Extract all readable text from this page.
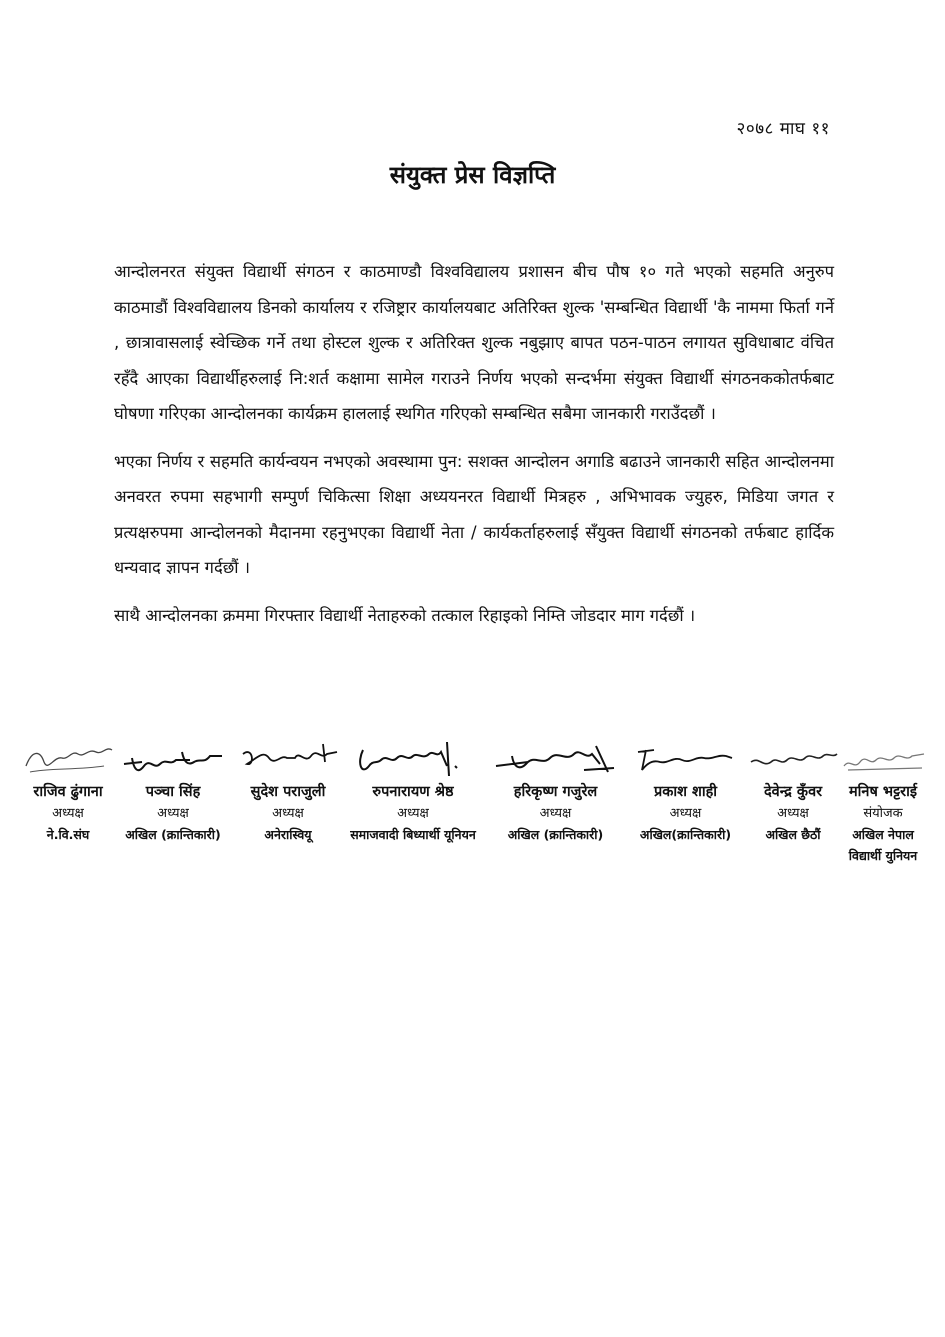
२०७८ माघ ११
संयुक्त प्रेस विज्ञप्ति

आन्दोलनरत संयुक्त विद्यार्थी संगठन र काठमाण्डौ विश्वविद्यालय प्रशासन बीच पौष १० गते भएको सहमति अनुरुप काठमाडौं विश्वविद्यालय डिनको कार्यालय र रजिष्ट्रार कार्यालयबाट अतिरिक्त शुल्क 'सम्बन्धित विद्यार्थी 'कै नाममा फिर्ता गर्ने , छात्रावासलाई स्वेच्छिक गर्ने तथा होस्टल शुल्क र अतिरिक्त शुल्क नबुझाए बापत पठन-पाठन लगायत सुविधाबाट वंचित रहँदै आएका विद्यार्थीहरुलाई नि:शर्त कक्षामा सामेल गराउने निर्णय भएको सन्दर्भमा संयुक्त विद्यार्थी संगठनककोतर्फबाट घोषणा गरिएका आन्दोलनका कार्यक्रम हाललाई स्थगित गरिएको सम्बन्धित सबैमा जानकारी गराउँदछौं ।

भएका निर्णय र सहमति कार्यन्वयन नभएको अवस्थामा पुन: सशक्त आन्दोलन अगाडि बढाउने जानकारी सहित आन्दोलनमा अनवरत रुपमा सहभागी सम्पुर्ण चिकित्सा शिक्षा अध्ययनरत विद्यार्थी मित्रहरु , अभिभावक ज्युहरु, मिडिया जगत र प्रत्यक्षरुपमा आन्दोलनको मैदानमा रहनुभएका विद्यार्थी नेता / कार्यकर्ताहरुलाई सँयुक्त विद्यार्थी संगठनको तर्फबाट हार्दिक धन्यवाद ज्ञापन गर्दछौं ।

साथै आन्दोलनका क्रममा गिरफ्तार विद्यार्थी नेताहरुको तत्काल रिहाइको निम्ति जोडदार माग गर्दछौं ।

राजिव ढुंगाना
अध्यक्ष
ने.वि.संघ
पञ्चा सिंह
अध्यक्ष
अखिल (क्रान्तिकारी)
सुदेश पराजुली
अध्यक्ष
अनेरास्वियू
रुपनारायण श्रेष्ठ
अध्यक्ष
समाजवादी बिध्यार्थी यूनियन
हरिकृष्ण गजुरेल
अध्यक्ष
अखिल (क्रान्तिकारी)
प्रकाश शाही
अध्यक्ष
अखिल(क्रान्तिकारी)
देवेन्द्र कुँवर
अध्यक्ष
अखिल छैठौं
मनिष भट्टराई
संयोजक
अखिल नेपाल
विद्यार्थी युनियन
